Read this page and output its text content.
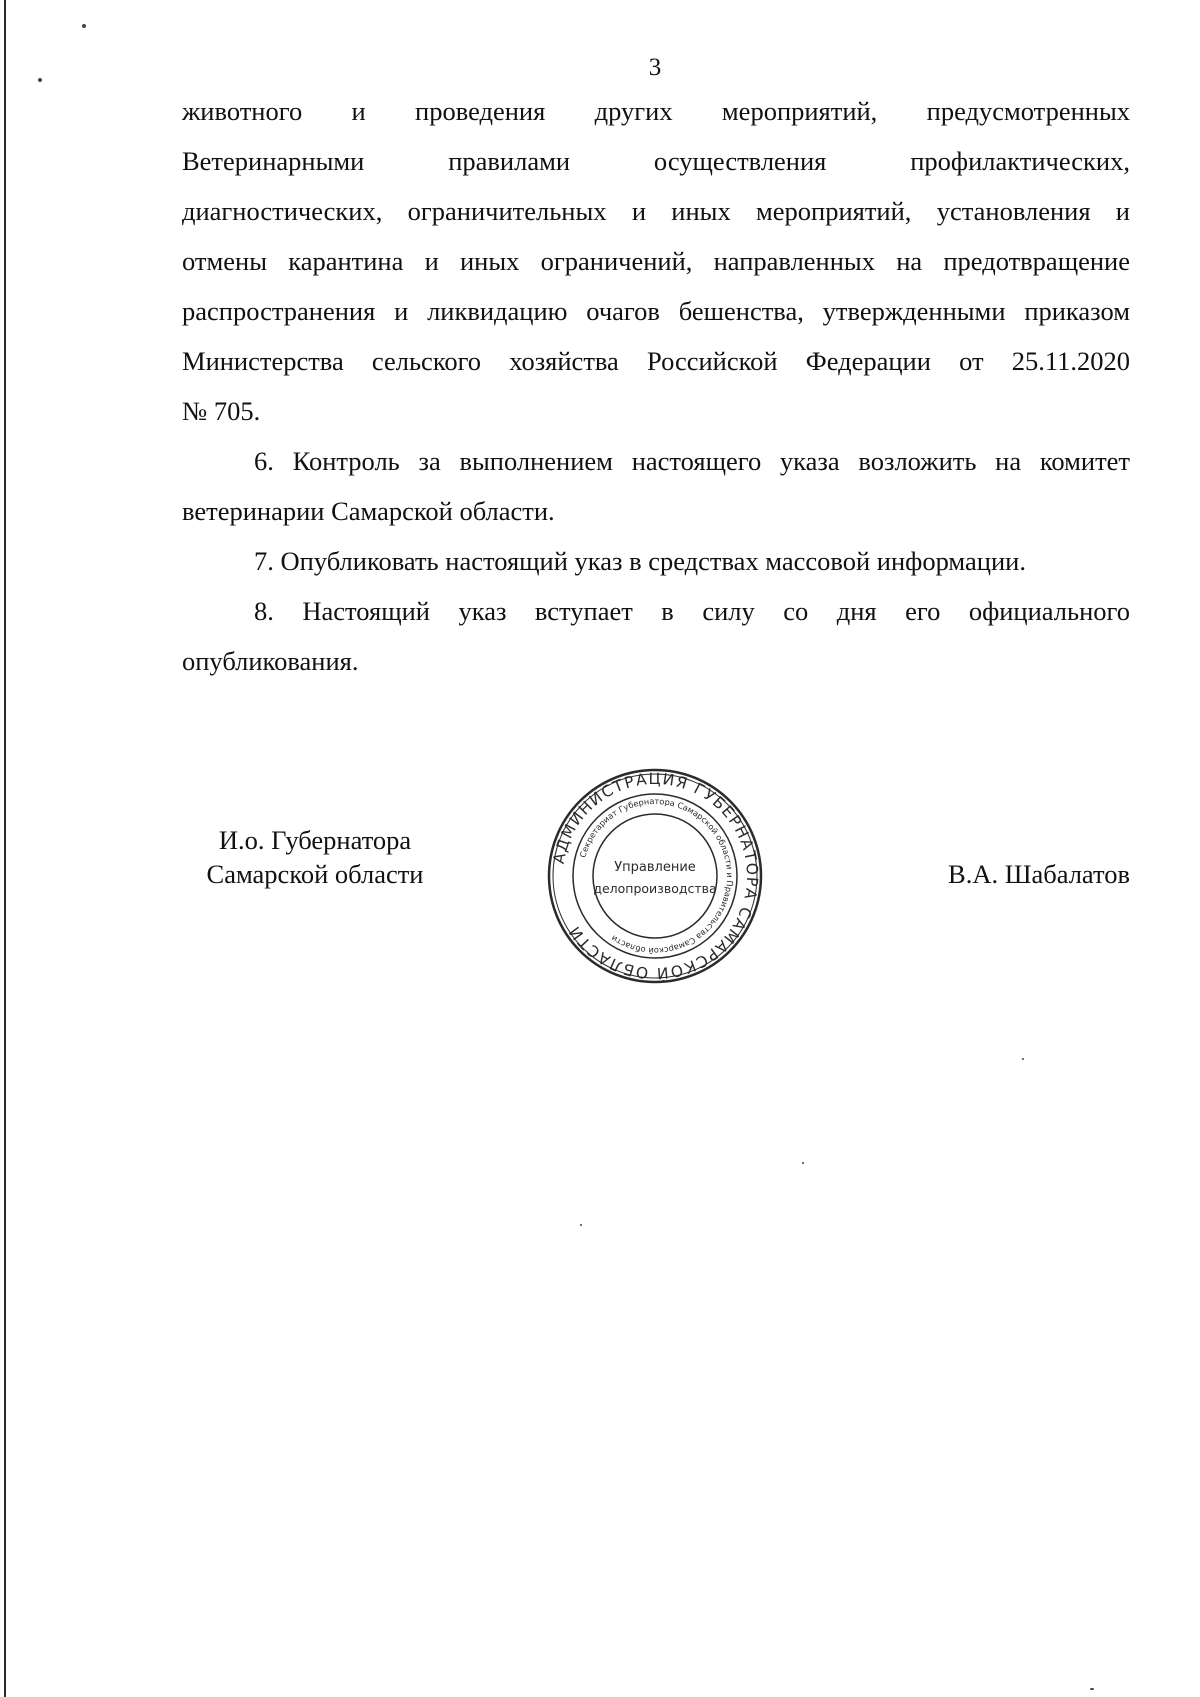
3

животного и проведения других мероприятий, предусмотренных
Ветеринарными правилами осуществления профилактических,
диагностических, ограничительных и иных мероприятий, установления и
отмены карантина и иных ограничений, направленных на предотвращение
распространения и ликвидацию очагов бешенства, утвержденными приказом
Министерства сельского хозяйства Российской Федерации от 25.11.2020
№ 705.

6. Контроль за выполнением настоящего указа возложить на комитет
ветеринарии Самарской области.

7. Опубликовать настоящий указ в средствах массовой информации.

8. Настоящий указ вступает в силу со дня его официального
опубликования.

И.о. Губернатора
Самарской области
АДМИНИСТРАЦИЯ ГУБЕРНАТОРА САМАРСКОЙ ОБЛАСТИ
Секретариат Губернатора Самарской области и Правительства Самарской области
Управление
делопроизводства	В.А. Шабалатов
